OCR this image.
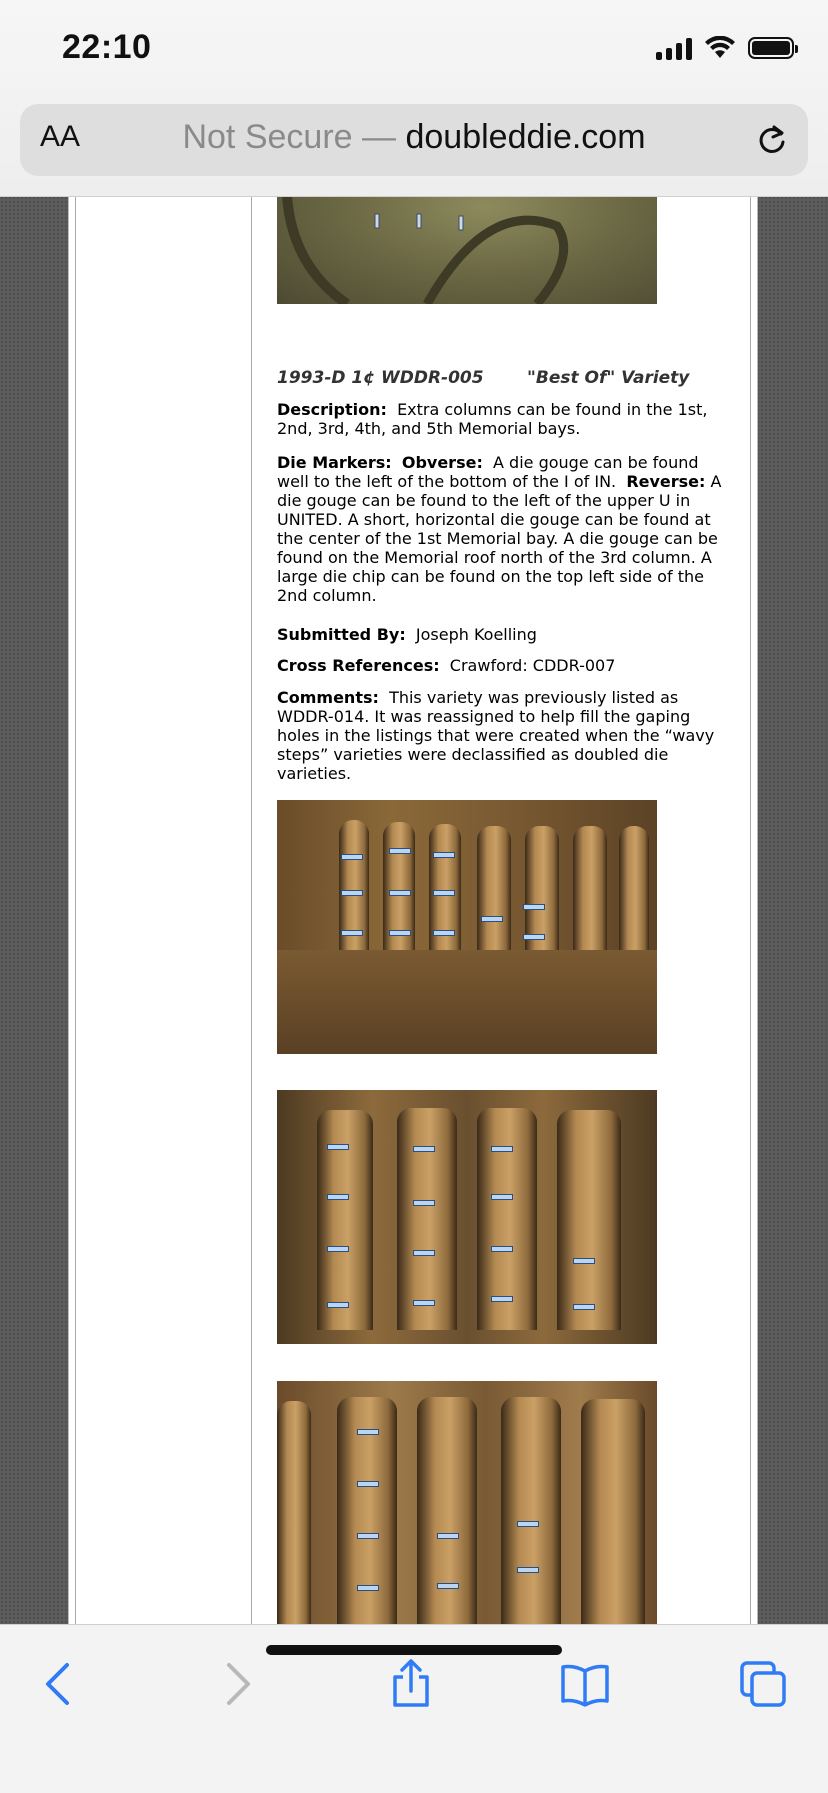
22:10
AA	Not Secure — doubleddie.com
1993-D 1¢ WDDR-005	"Best Of" Variety

Description: Extra columns can be found in the 1st, 2nd, 3rd, 4th, and 5th Memorial bays.

Die Markers: Obverse: A die gouge can be found well to the left of the bottom of the I of IN. Reverse: A die gouge can be found to the left of the upper U in UNITED. A short, horizontal die gouge can be found at the center of the 1st Memorial bay. A die gouge can be found on the Memorial roof north of the 3rd column. A large die chip can be found on the top left side of the 2nd column.

Submitted By: Joseph Koelling

Cross References: Crawford: CDDR-007

Comments: This variety was previously listed as WDDR-014. It was reassigned to help fill the gaping holes in the listings that were created when the “wavy steps” varieties were declassified as doubled die varieties.
